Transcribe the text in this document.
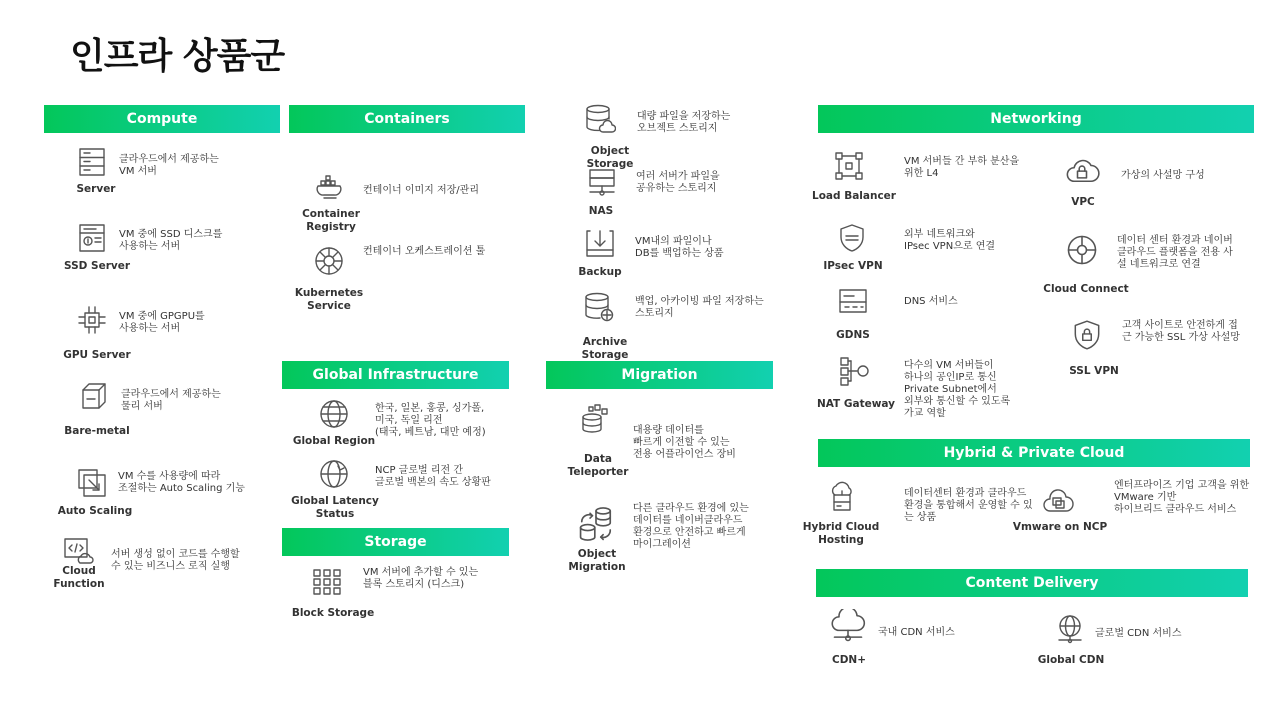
인프라 상품군
Compute	Containers
Global Infrastructure
Storage
Migration
Networking
Hybrid & Private Cloud
Content Delivery
Server
클라우드에서 제공하는
VM 서버
SSD Server
VM 중에 SSD 디스크를
사용하는 서버
GPU Server
VM 중에 GPGPU를
사용하는 서버
Bare-metal
클라우드에서 제공하는
물리 서버
Auto Scaling
VM 수를 사용량에 따라
조절하는 Auto Scaling 기능
Cloud
Function
서버 생성 없이 코드를 수행할
수 있는 비즈니스 로직 실행
Container
Registry
컨테이너 이미지 저장/관리
Kubernetes
Service
컨테이너 오케스트레이션 툴
Global Region
한국, 일본, 홍콩, 싱가폴,
미국, 독일 리전
(태국, 베트남, 대만 예정)
Global Latency
Status
NCP 글로벌 리전 간
글로벌 백본의 속도 상황판
Block Storage
VM 서버에 추가할 수 있는
블록 스토리지 (디스크)
Object Storage
대량 파일을 저장하는
오브젝트 스토리지
NAS
여러 서버가 파일을
공유하는 스토리지
Backup
VM내의 파일이나
DB를 백업하는 상품
Archive Storage
백업, 아카이빙 파일 저장하는
스토리지
Data
Teleporter
대용량 데이터를
빠르게 이전할 수 있는
전용 어플라이언스 장비
Object
Migration
다른 클라우드 환경에 있는
데이터를 네이버클라우드
환경으로 안전하고 빠르게
마이그레이션
Load Balancer
VM 서버들 간 부하 분산을
위한 L4
IPsec VPN
외부 네트워크와
IPsec VPN으로 연결
GDNS
DNS 서비스
NAT Gateway
다수의 VM 서버들이
하나의 공인IP로 통신
Private Subnet에서
외부와 통신할 수 있도록
가교 역할
VPC
가상의 사설망 구성
Cloud Connect
데이터 센터 환경과 네이버
클라우드 플랫폼을 전용 사
설 네트워크로 연결
SSL VPN
고객 사이트로 안전하게 접
근 가능한 SSL 가상 사설망
Hybrid Cloud
Hosting
데이터센터 환경과 클라우드
환경을 통합해서 운영할 수 있
는 상품
Vmware on NCP
엔터프라이즈 기업 고객을 위한
VMware 기반
하이브리드 클라우드 서비스
CDN+
국내 CDN 서비스
Global CDN
글로벌 CDN 서비스
